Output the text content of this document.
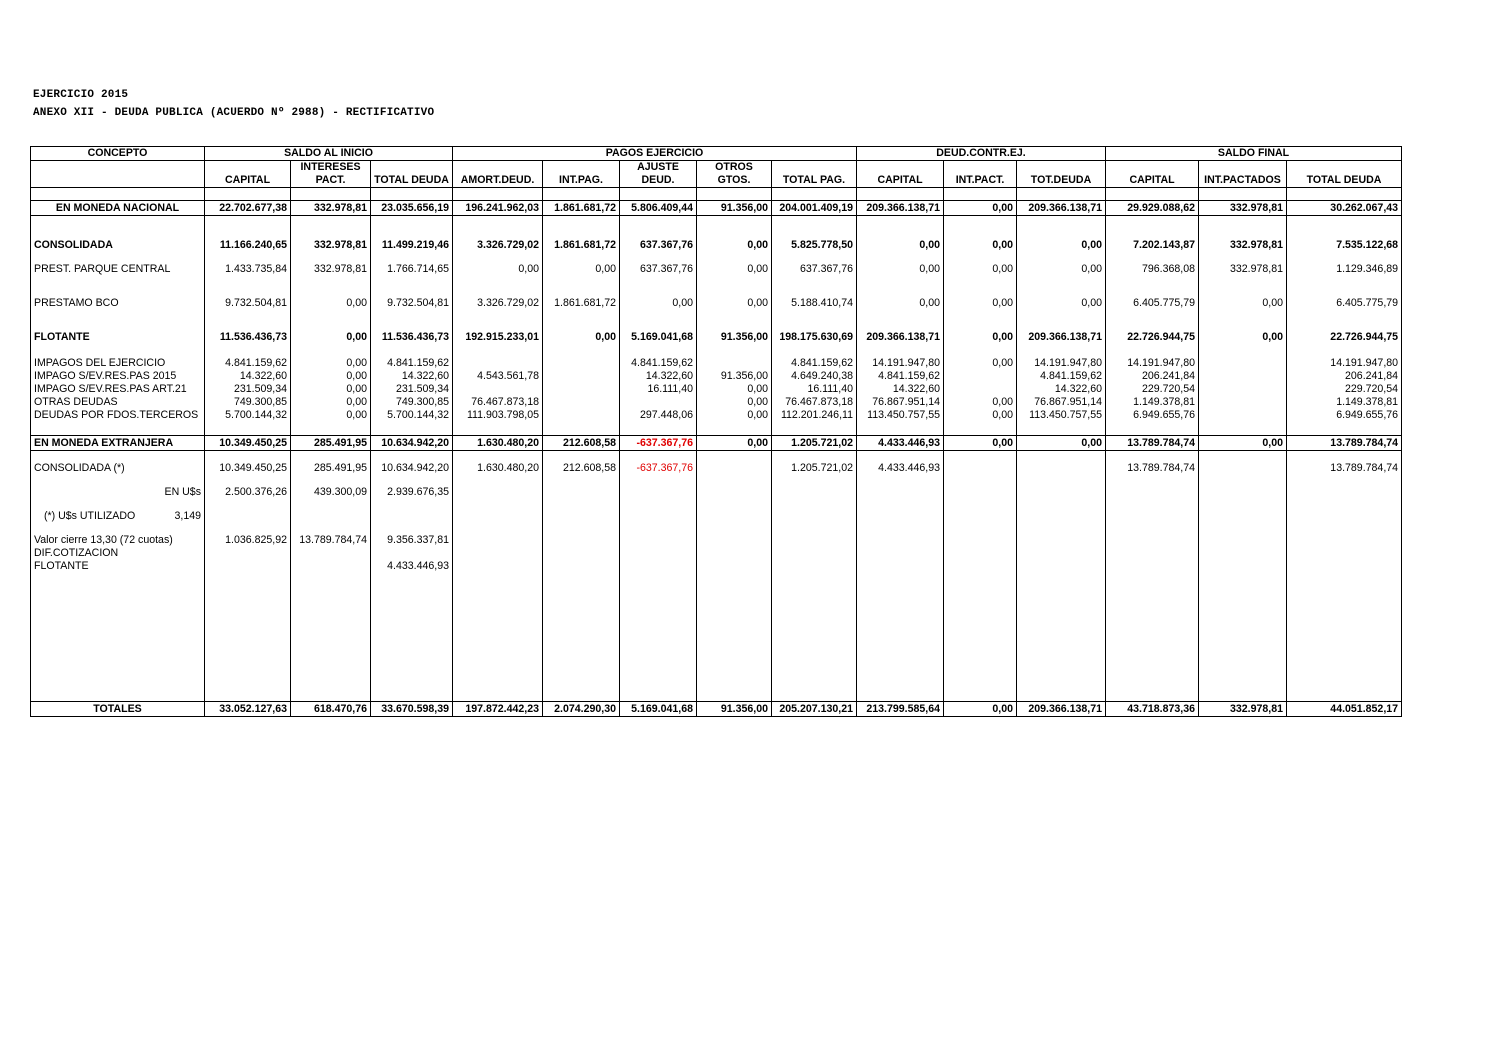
EJERCICIO 2015
ANEXO XII - DEUDA PUBLICA (ACUERDO Nº 2988) - RECTIFICATIVO
CONCEPTO	SALDO AL INICIO			PAGOS EJERCICIO					DEUD.CONTR.EJ.			SALDO FINAL		
		INTERESES				AJUSTE	OTROS							
	CAPITAL	PACT.	TOTAL DEUDA	AMORT.DEUD.	INT.PAG.	DEUD.	GTOS.	TOTAL PAG.	CAPITAL	INT.PACT.	TOT.DEUDA	CAPITAL	INT.PACTADOS	TOTAL DEUDA

EN MONEDA NACIONAL	22.702.677,38	332.978,81	23.035.656,19	196.241.962,03	1.861.681,72	5.806.409,44	91.356,00	204.001.409,19	209.366.138,71	0,00	209.366.138,71	29.929.088,62	332.978,81	30.262.067,43

CONSOLIDADA	11.166.240,65	332.978,81	11.499.219,46	3.326.729,02	1.861.681,72	637.367,76	0,00	5.825.778,50	0,00	0,00	0,00	7.202.143,87	332.978,81	7.535.122,68
PREST. PARQUE CENTRAL	1.433.735,84	332.978,81	1.766.714,65	0,00	0,00	637.367,76	0,00	637.367,76	0,00	0,00	0,00	796.368,08	332.978,81	1.129.346,89
PRESTAMO BCO	9.732.504,81	0,00	9.732.504,81	3.326.729,02	1.861.681,72	0,00	0,00	5.188.410,74	0,00	0,00	0,00	6.405.775,79	0,00	6.405.775,79
FLOTANTE	11.536.436,73	0,00	11.536.436,73	192.915.233,01	0,00	5.169.041,68	91.356,00	198.175.630,69	209.366.138,71	0,00	209.366.138,71	22.726.944,75	0,00	22.726.944,75

IMPAGOS DEL EJERCICIO	4.841.159,62	0,00	4.841.159,62			4.841.159,62		4.841.159,62	14.191.947,80	0,00	14.191.947,80	14.191.947,80		14.191.947,80
IMPAGO S/EV.RES.PAS 2015	14.322,60	0,00	14.322,60	4.543.561,78		14.322,60	91.356,00	4.649.240,38	4.841.159,62		4.841.159,62	206.241,84		206.241,84
IMPAGO S/EV.RES.PAS ART.21	231.509,34	0,00	231.509,34			16.111,40	0,00	16.111,40	14.322,60		14.322,60	229.720,54		229.720,54
OTRAS DEUDAS	749.300,85	0,00	749.300,85	76.467.873,18			0,00	76.467.873,18	76.867.951,14	0,00	76.867.951,14	1.149.378,81		1.149.378,81
DEUDAS POR FDOS.TERCEROS	5.700.144,32	0,00	5.700.144,32	111.903.798,05		297.448,06	0,00	112.201.246,11	113.450.757,55	0,00	113.450.757,55	6.949.655,76		6.949.655,76

EN MONEDA EXTRANJERA	10.349.450,25	285.491,95	10.634.942,20	1.630.480,20	212.608,58	-637.367,76	0,00	1.205.721,02	4.433.446,93	0,00	0,00	13.789.784,74	0,00	13.789.784,74
CONSOLIDADA (*)	10.349.450,25	285.491,95	10.634.942,20	1.630.480,20	212.608,58	-637.367,76		1.205.721,02	4.433.446,93			13.789.784,74		13.789.784,74
EN U$s	2.500.376,26	439.300,09	2.939.676,35											

(*) U$s UTILIZADO 3,149														

Valor cierre 13,30 (72 cuotas)	1.036.825,92	13.789.784,74	9.356.337,81											
DIF.COTIZACION														
FLOTANTE			4.433.446,93											

TOTALES	33.052.127,63	618.470,76	33.670.598,39	197.872.442,23	2.074.290,30	5.169.041,68	91.356,00	205.207.130,21	213.799.585,64	0,00	209.366.138,71	43.718.873,36	332.978,81	44.051.852,17
